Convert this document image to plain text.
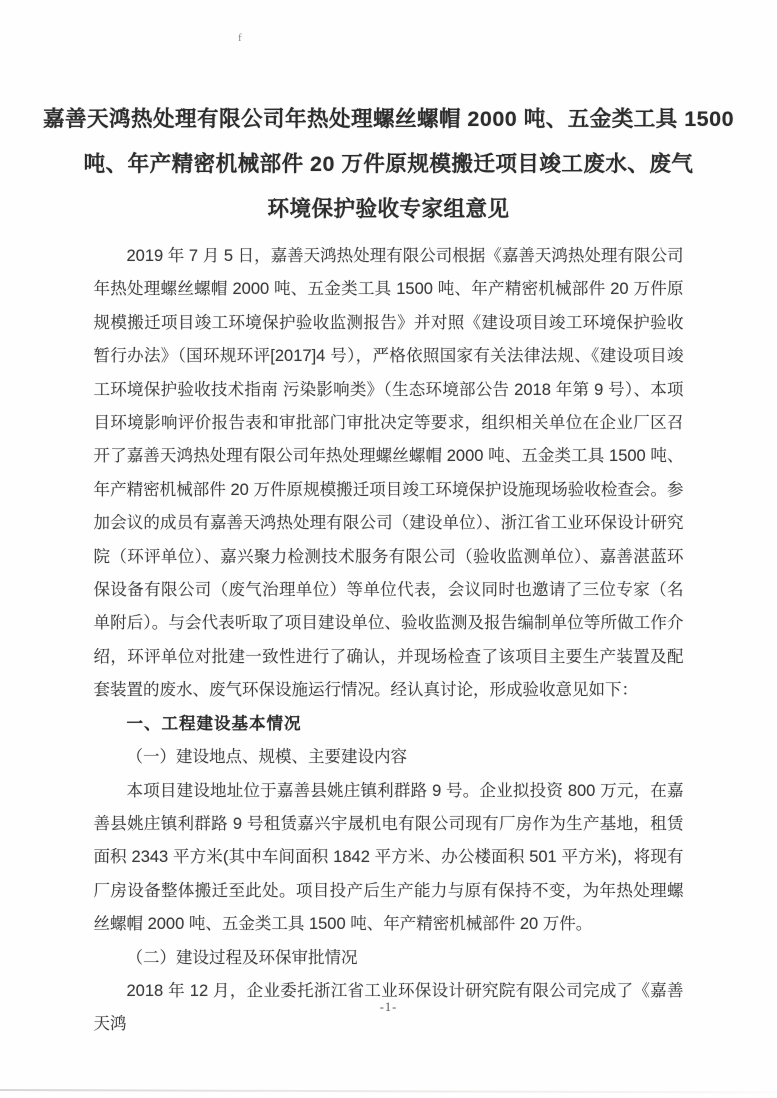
f
嘉善天鸿热处理有限公司年热处理螺丝螺帽 2000 吨、五金类工具 1500
吨、年产精密机械部件 20 万件原规模搬迁项目竣工废水、废气
环境保护验收专家组意见

2019 年 7 月 5 日，嘉善天鸿热处理有限公司根据《嘉善天鸿热处理有限公司年热处理螺丝螺帽 2000 吨、五金类工具 1500 吨、年产精密机械部件 20 万件原规模搬迁项目竣工环境保护验收监测报告》并对照《建设项目竣工环境保护验收暂行办法》（国环规环评[2017]4 号），严格依照国家有关法律法规、《建设项目竣工环境保护验收技术指南 污染影响类》（生态环境部公告 2018 年第 9 号）、本项目环境影响评价报告表和审批部门审批决定等要求，组织相关单位在企业厂区召开了嘉善天鸿热处理有限公司年热处理螺丝螺帽 2000 吨、五金类工具 1500 吨、年产精密机械部件 20 万件原规模搬迁项目竣工环境保护设施现场验收检查会。参加会议的成员有嘉善天鸿热处理有限公司（建设单位）、浙江省工业环保设计研究院（环评单位）、嘉兴聚力检测技术服务有限公司（验收监测单位）、嘉善湛蓝环保设备有限公司（废气治理单位）等单位代表，会议同时也邀请了三位专家（名单附后）。与会代表听取了项目建设单位、验收监测及报告编制单位等所做工作介绍，环评单位对批建一致性进行了确认，并现场检查了该项目主要生产装置及配套装置的废水、废气环保设施运行情况。经认真讨论，形成验收意见如下：

一、工程建设基本情况

（一）建设地点、规模、主要建设内容

本项目建设地址位于嘉善县姚庄镇利群路 9 号。企业拟投资 800 万元，在嘉善县姚庄镇利群路 9 号租赁嘉兴宇晟机电有限公司现有厂房作为生产基地，租赁面积 2343 平方米(其中车间面积 1842 平方米、办公楼面积 501 平方米)，将现有厂房设备整体搬迁至此处。项目投产后生产能力与原有保持不变，为年热处理螺丝螺帽 2000 吨、五金类工具 1500 吨、年产精密机械部件 20 万件。

（二）建设过程及环保审批情况

2018 年 12 月，企业委托浙江省工业环保设计研究院有限公司完成了《嘉善天鸿

-1-
